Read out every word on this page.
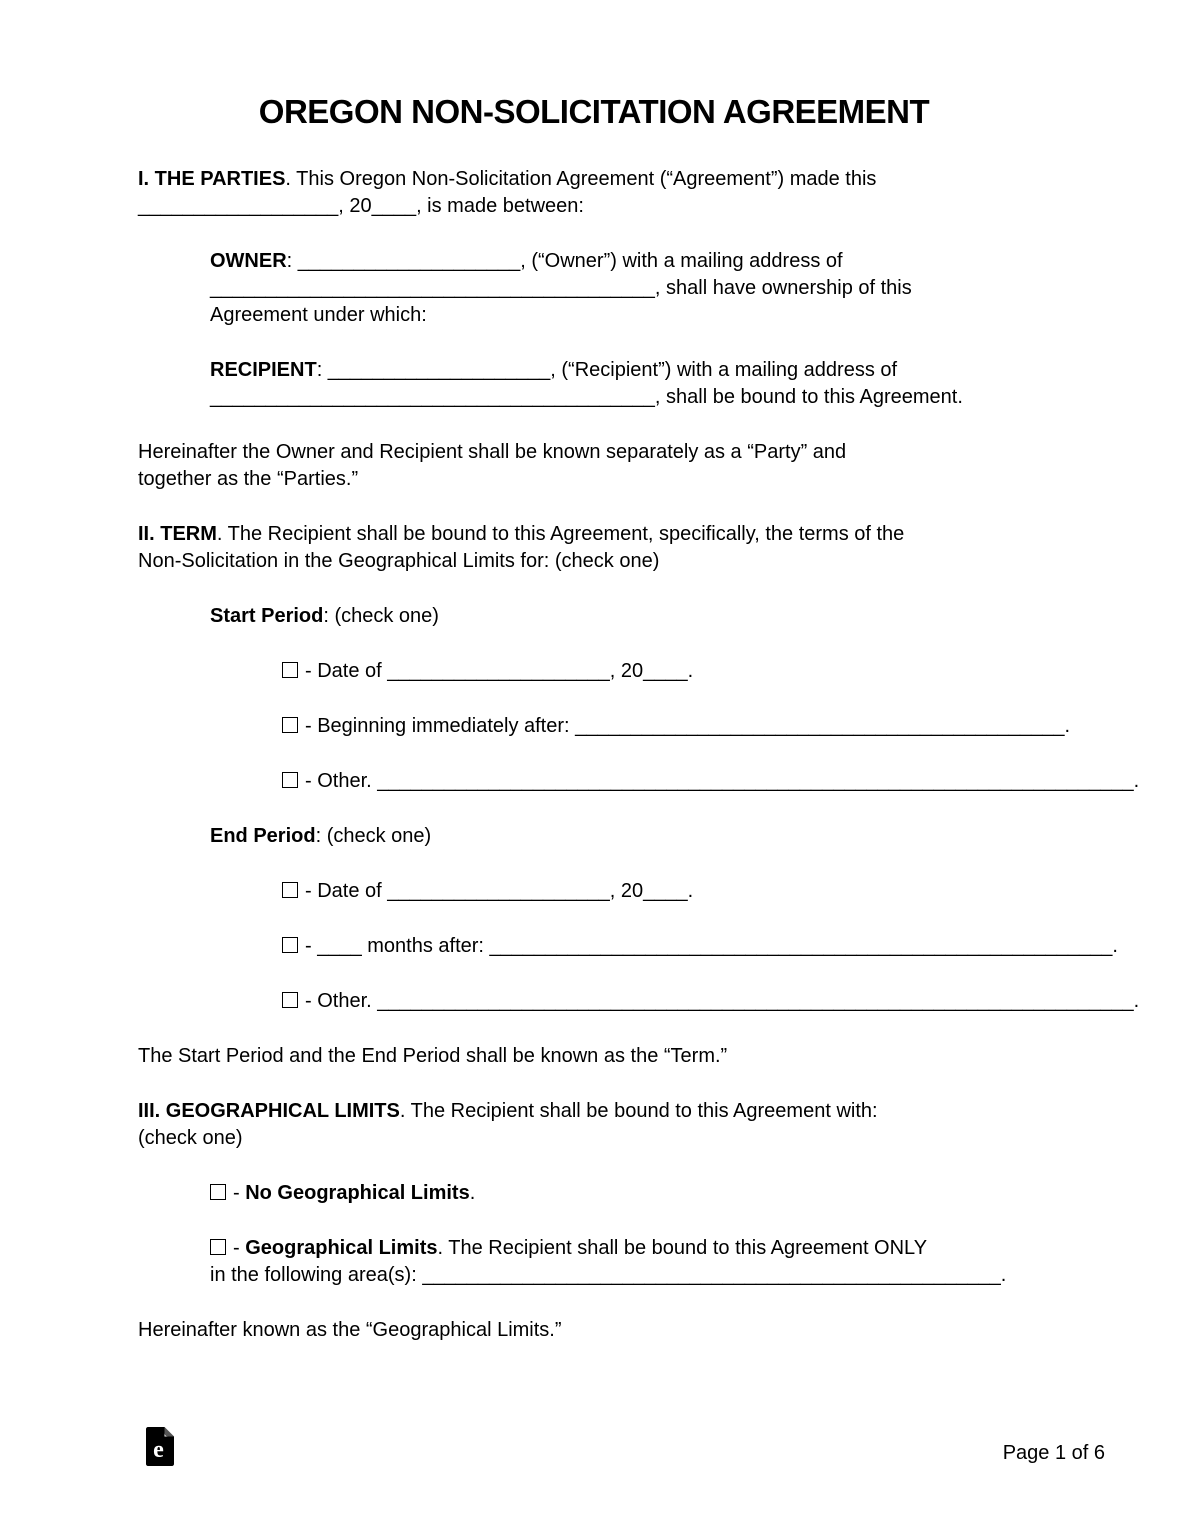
OREGON NON-SOLICITATION AGREEMENT
I. THE PARTIES. This Oregon Non-Solicitation Agreement (“Agreement”) made this
__________________, 20____, is made between:
OWNER: ____________________, (“Owner”) with a mailing address of
________________________________________, shall have ownership of this
Agreement under which:
RECIPIENT: ____________________, (“Recipient”) with a mailing address of
________________________________________, shall be bound to this Agreement.
Hereinafter the Owner and Recipient shall be known separately as a “Party” and
together as the “Parties.”
II. TERM. The Recipient shall be bound to this Agreement, specifically, the terms of the
Non-Solicitation in the Geographical Limits for: (check one)
Start Period: (check one)
- Date of ____________________, 20____.
- Beginning immediately after: ____________________________________________.
- Other. ____________________________________________________________________.
End Period: (check one)
- Date of ____________________, 20____.
- ____ months after: ________________________________________________________.
- Other. ____________________________________________________________________.
The Start Period and the End Period shall be known as the “Term.”
III. GEOGRAPHICAL LIMITS. The Recipient shall be bound to this Agreement with:
(check one)
- No Geographical Limits.
- Geographical Limits. The Recipient shall be bound to this Agreement ONLY
in the following area(s): ____________________________________________________.
Hereinafter known as the “Geographical Limits.”
e	Page 1 of 6
